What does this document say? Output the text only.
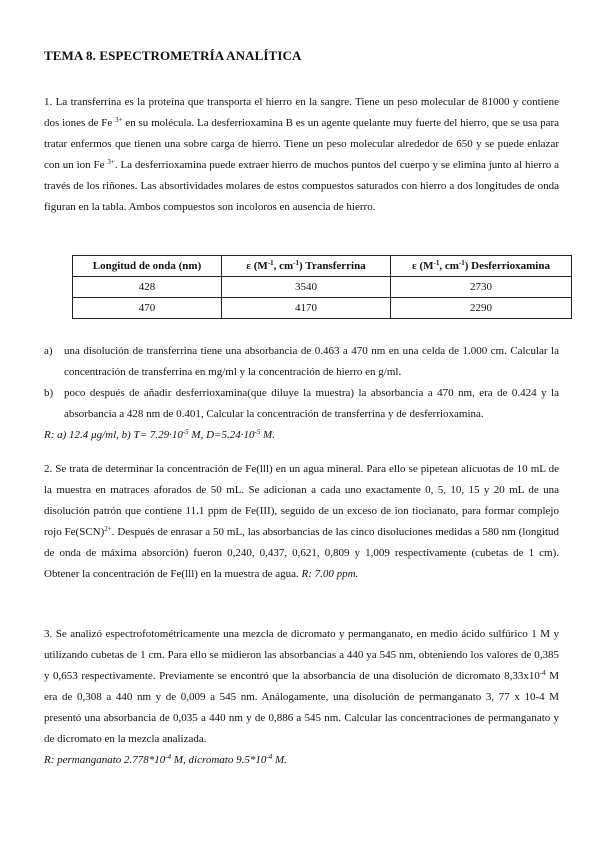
TEMA 8. ESPECTROMETRÍA ANALÍTICA
1. La transferrina es la proteína que transporta el hierro en la sangre. Tiene un peso molecular de 81000 y contiene dos iones de Fe $^{3+}$ en su molécula. La desferrioxamina B es un agente quelante muy fuerte del hierro, que se usa para tratar enfermos que tienen una sobre carga de hierro. Tiene un peso molecular alrededor de 650 y se puede enlazar con un ion Fe $^{3+}$. La desferrioxamina puede extraer hierro de muchos puntos del cuerpo y se elimina junto al hierro a través de los riñones. Las absortividades molares de estos compuestos saturados con hierro a dos longitudes de onda figuran en la tabla. Ambos compuestos son incoloros en ausencia de hierro.
Longitud de onda (nm)	ε ($M^{-1}$, $cm^{-1}$) Transferrina	ε ($M^{-1}$, $cm^{-1}$) Desferrioxamina
428	3540	2730
470	4170	2290
a) una disolución de transferrina tiene una absorbancia de 0.463 a 470 nm en una celda de 1.000 cm. Calcular la concentración de transferrina en mg/ml y la concentración de hierro en g/ml.
b) poco después de añadir desferrioxamina(que diluye la muestra) la absorbancia a 470 nm, era de 0.424 y la absorbancia a 428 nm de 0.401, Calcular la concentración de transferrina y de desferrioxamina.
R: a) 12.4 μg/ml, b) $T= 7.29\cdot 10^{-5}$ M, $D=5.24\cdot 10^{-5}$ M.
2. Se trata de determinar la concentración de Fe(lll) en un agua mineral. Para ello se pipetean alícuotas de 10 mL de la muestra en matraces aforados de 50 mL. Se adicionan a cada uno exactamente 0, 5, 10, 15 y 20 mL de una disolución patrón que contiene 11.1 ppm de Fe(III), seguido de un exceso de ion tiocianato, para formar complejo rojo Fe(SCN)$^{2+}$. Después de enrasar a 50 mL, las absorbancias de las cinco disoluciones medidas a 580 nm (longitud de onda de máxima absorción) fueron 0,240, 0,437, 0,621, 0,809 y 1,009 respectivamente (cubetas de 1 cm). Obtener la concentración de Fe(lll) en la muestra de agua. R: 7.00 ppm.
3. Se analizó espectrofotométricamente una mezcla de dicromato y permanganato, en medio ácido sulfúrico 1 M y utilizando cubetas de 1 cm. Para ello se midieron las absorbancias a 440 ya 545 nm, obteniendo los valores de 0,385 y 0,653 respectivamente. Previamente se encontró que la absorbancia de una disolución de dicromato $8,33x10^{-4}$ M era de 0,308 a 440 nm y de 0,009 a 545 nm. Análogamente, una disolución de permanganato 3, 77 x 10-4 M presentó una absorbancia de 0,035 a 440 nm y de 0,886 a 545 nm. Calcular las concentraciones de permanganato y de dicromato en la mezcla analizada.
R: permanganato $2.778*10^{-4}$ M, dicromato $9.5*10^{-4}$ M.
